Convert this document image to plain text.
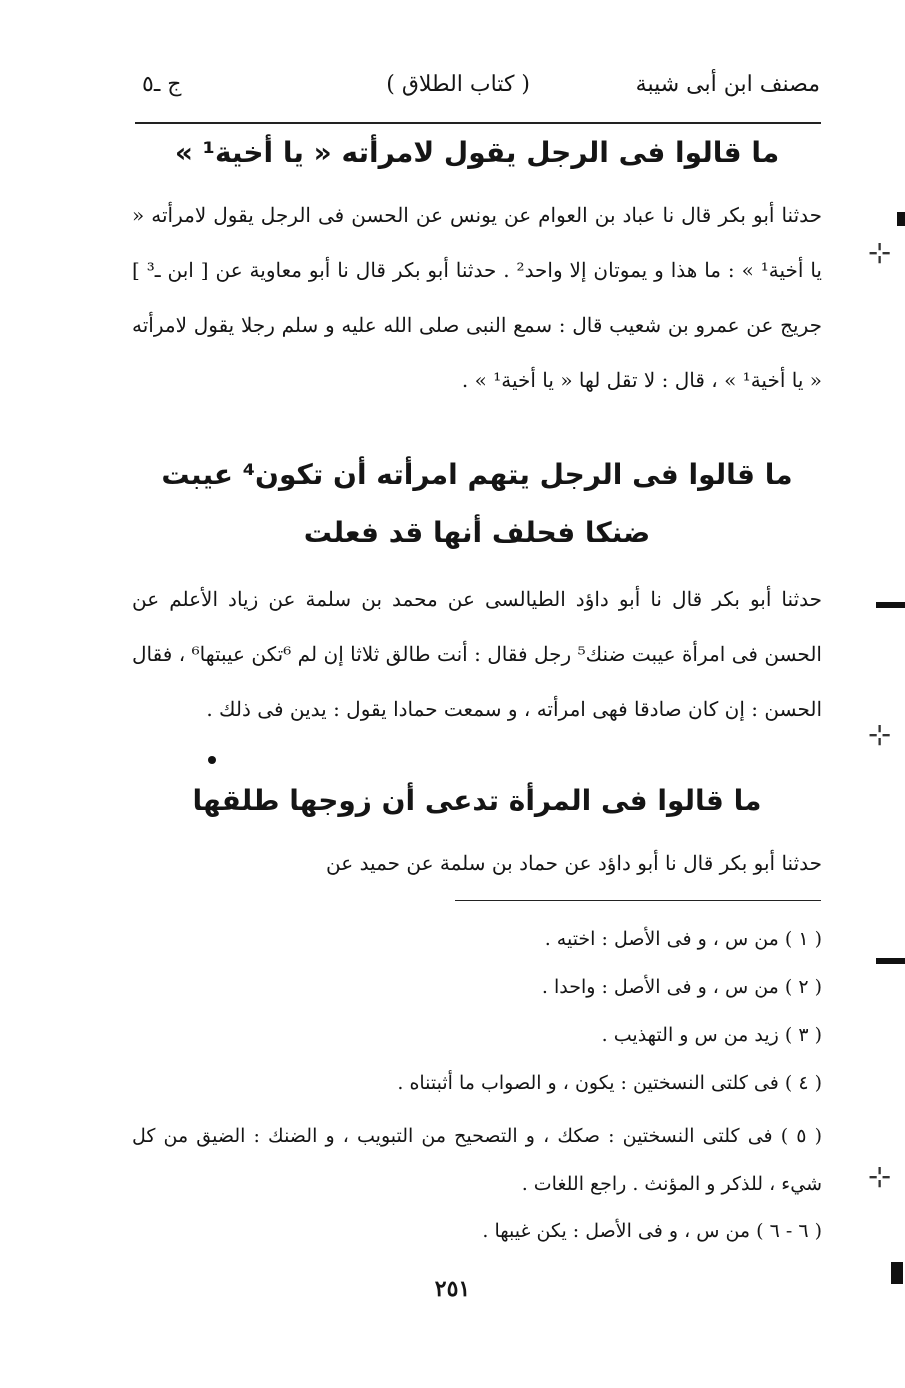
مصنف ابن أبى شيبة
( كتاب الطلاق )
ج ـ٥
ما قالوا فى الرجل يقول لامرأته « يا أخية¹ »

حدثنا أبو بكر قال نا عباد بن العوام عن يونس عن الحسن فى الرجل يقول لامرأته « يا أخية¹ » : ما هذا و يموتان إلا واحد² . حدثنا أبو بكر قال نا أبو معاوية عن [ ابن ـ³ ] جريج عن عمرو بن شعيب قال : سمع النبى صلى الله عليه و سلم رجلا يقول لامرأته « يا أخية¹ » ، قال : لا تقل لها « يا أخية¹ » .

ما قالوا فى الرجل يتهم امرأته أن تكون⁴ عيبت
ضنكا فحلف أنها قد فعلت

حدثنا أبو بكر قال نا أبو داؤد الطيالسى عن محمد بن سلمة عن زياد الأعلم عن الحسن فى امرأة عيبت ضنك⁵ رجل فقال : أنت طالق ثلاثا إن لم ⁶تكن عيبتها⁶ ، فقال الحسن : إن كان صادقا فهى امرأته ، و سمعت حمادا يقول : يدين فى ذلك .

ما قالوا فى المرأة تدعى أن زوجها طلقها

حدثنا أبو بكر قال نا أبو داؤد عن حماد بن سلمة عن حميد عن

( ١ ) من س ، و فى الأصل : اختيه .
( ٢ ) من س ، و فى الأصل : واحدا .
( ٣ ) زيد من س و التهذيب .
( ٤ ) فى كلتى النسختين : يكون ، و الصواب ما أثبتناه .
( ٥ ) فى كلتى النسختين : صكك ، و التصحيح من التبويب ، و الضنك : الضيق من كل شيء ، للذكر و المؤنث . راجع اللغات .
( ٦ - ٦ ) من س ، و فى الأصل : يكن غيبها .
٢٥١
⊹
⊹
⊹
